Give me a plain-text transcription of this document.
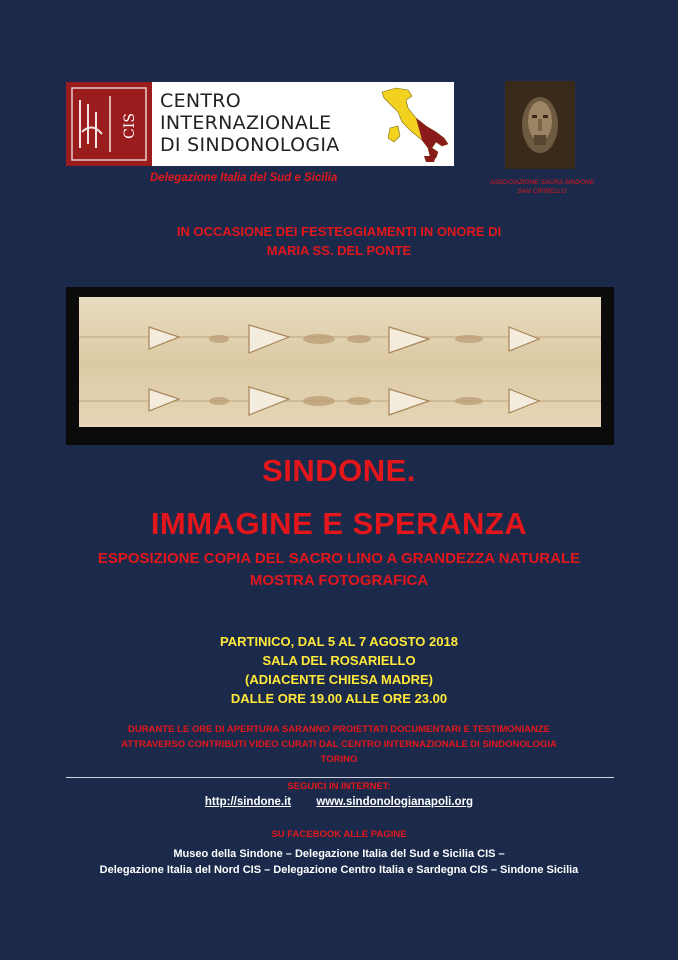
CIS
CENTRO
INTERNAZIONALE
DI SINDONOLOGIA
Delegazione Italia del Sud e Sicilia	ASSOCIAZIONE SACRA SINDONE
SAN CIPIRELLO
IN OCCASIONE DEI FESTEGGIAMENTI IN ONORE DI
MARIA SS. DEL PONTE
SINDONE.
IMMAGINE E SPERANZA
ESPOSIZIONE COPIA DEL SACRO LINO A GRANDEZZA NATURALE
MOSTRA FOTOGRAFICA
PARTINICO, DAL 5 AL 7 AGOSTO 2018
SALA DEL ROSARIELLO
(ADIACENTE CHIESA MADRE)
DALLE ORE 19.00 ALLE ORE 23.00
DURANTE LE ORE DI APERTURA SARANNO PROIETTATI DOCUMENTARI E TESTIMONIANZE
ATTRAVERSO CONTRIBUTI VIDEO CURATI DAL CENTRO INTERNAZIONALE DI SINDONOLOGIA
TORINO
SEGUICI IN INTERNET:
http://sindone.it www.sindonologianapoli.org
SU FACEBOOK ALLE PAGINE
Museo della Sindone – Delegazione Italia del Sud e Sicilia CIS –
Delegazione Italia del Nord CIS – Delegazione Centro Italia e Sardegna CIS – Sindone Sicilia
